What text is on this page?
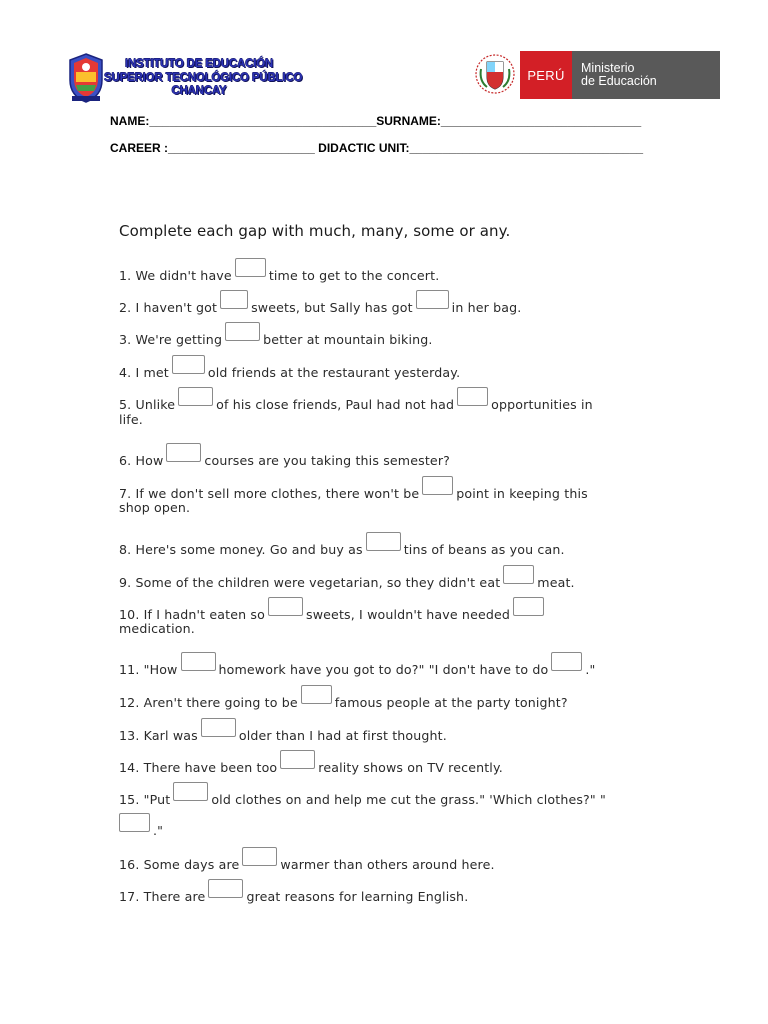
INSTITUTO DE EDUCACIÓN
SUPERIOR TECNOLÓGICO PÚBLICO
CHANCAY
PERÚ	Ministerio
de Educación
NAME:__________________________________SURNAME:______________________________
CAREER :______________________ DIDACTIC UNIT:___________________________________
Complete each gap with much, many, some or any.
1. We didn't have	time to get to the concert.
2. I haven't got	sweets, but Sally has got	in her bag.
3. We're getting	better at mountain biking.
4. I met	old friends at the restaurant yesterday.
5. Unlike	of his close friends, Paul had not had	opportunities in
life.
6. How	courses are you taking this semester?
7. If we don't sell more clothes, there won't be	point in keeping this
shop open.
8. Here's some money. Go and buy as	tins of beans as you can.
9. Some of the children were vegetarian, so they didn't eat	meat.
10. If I hadn't eaten so	sweets, I wouldn't have needed
medication.
11. "How	homework have you got to do?" "I don't have to do	."
12. Aren't there going to be	famous people at the party tonight?
13. Karl was	older than I had at first thought.
14. There have been too	reality shows on TV recently.
15. "Put	old clothes on and help me cut the grass." 'Which clothes?" "
."
16. Some days are	warmer than others around here.
17. There are	great reasons for learning English.
